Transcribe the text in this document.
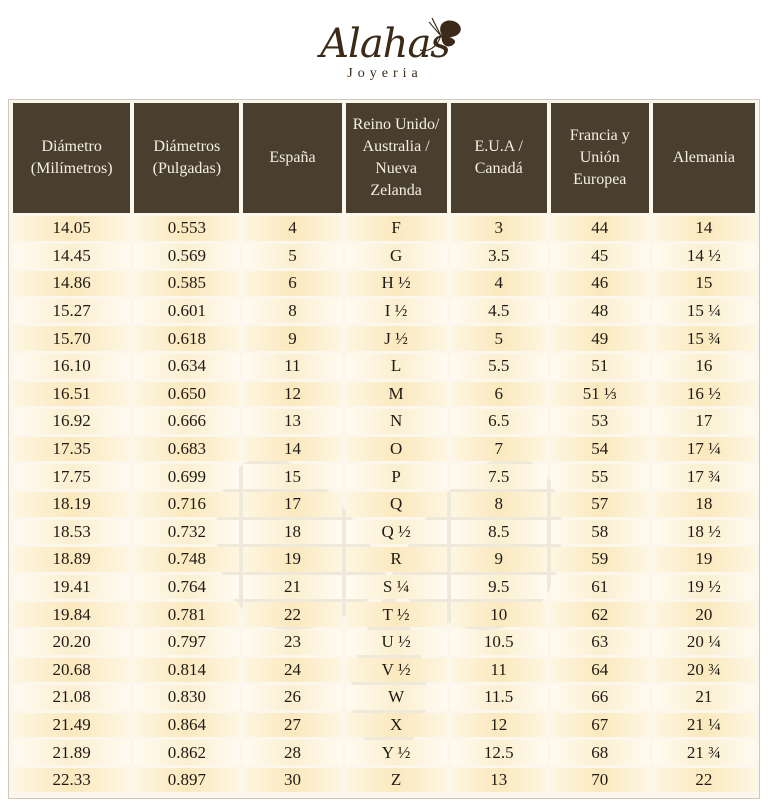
Alahas
Joyeria
Diámetro (Milímetros)	Diámetros (Pulgadas)	España	Reino Unido/ Australia / Nueva Zelanda	E.U.A / Canadá	Francia y Unión Europea	Alemania
14.05	0.553	4	F	3	44	14
14.45	0.569	5	G	3.5	45	14 ½
14.86	0.585	6	H ½	4	46	15
15.27	0.601	8	I ½	4.5	48	15 ¼
15.70	0.618	9	J ½	5	49	15 ¾
16.10	0.634	11	L	5.5	51	16
16.51	0.650	12	M	6	51 ⅓	16 ½
16.92	0.666	13	N	6.5	53	17
17.35	0.683	14	O	7	54	17 ¼
17.75	0.699	15	P	7.5	55	17 ¾
18.19	0.716	17	Q	8	57	18
18.53	0.732	18	Q ½	8.5	58	18 ½
18.89	0.748	19	R	9	59	19
19.41	0.764	21	S ¼	9.5	61	19 ½
19.84	0.781	22	T ½	10	62	20
20.20	0.797	23	U ½	10.5	63	20 ¼
20.68	0.814	24	V ½	11	64	20 ¾
21.08	0.830	26	W	11.5	66	21
21.49	0.864	27	X	12	67	21 ¼
21.89	0.862	28	Y ½	12.5	68	21 ¾
22.33	0.897	30	Z	13	70	22
